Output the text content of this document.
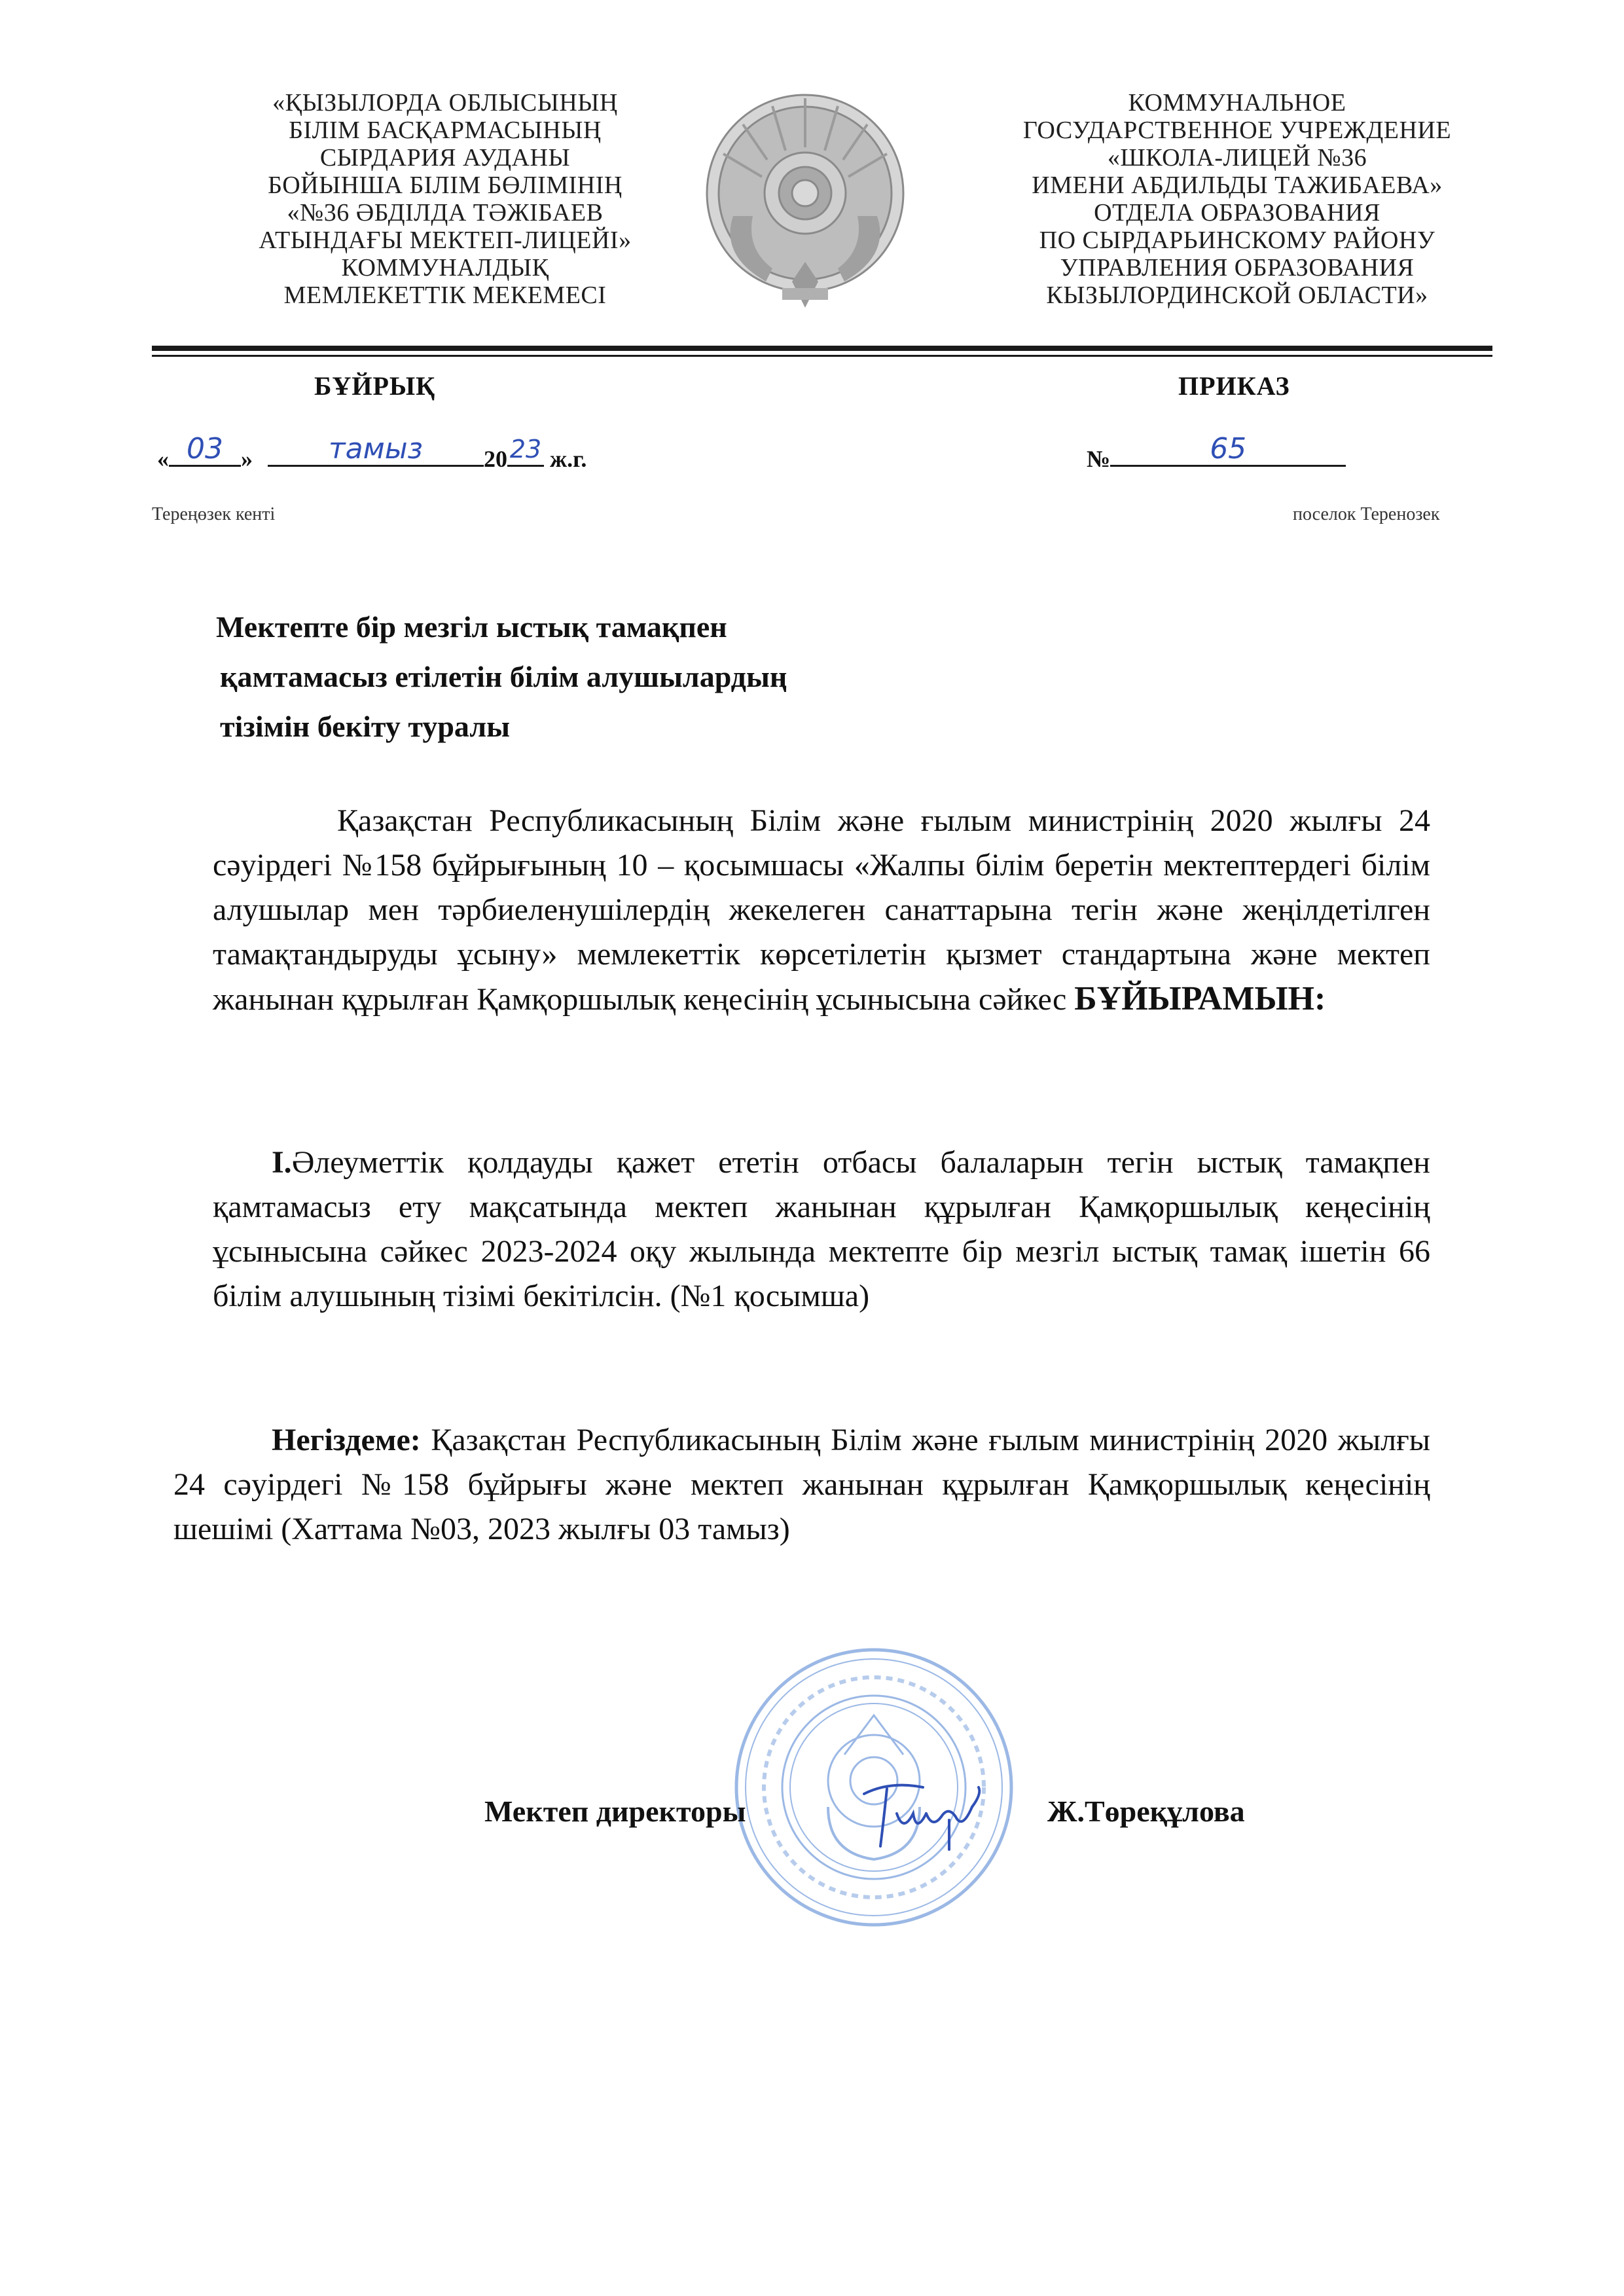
«ҚЫЗЫЛОРДА ОБЛЫСЫНЫҢ
БІЛІМ БАСҚАРМАСЫНЫҢ
СЫРДАРИЯ АУДАНЫ
БОЙЫНША БІЛІМ БӨЛІМІНІҢ
«№36 ӘБДІЛДА ТӘЖІБАЕВ
АТЫНДАҒЫ МЕКТЕП-ЛИЦЕЙІ»
КОММУНАЛДЫҚ
МЕМЛЕКЕТТІК МЕКЕМЕСІ
КОММУНАЛЬНОЕ
ГОСУДАРСТВЕННОЕ УЧРЕЖДЕНИЕ
«ШКОЛА-ЛИЦЕЙ №36
ИМЕНИ АБДИЛЬДЫ ТАЖИБАЕВА»
ОТДЕЛА ОБРАЗОВАНИЯ
ПО СЫРДАРЬИНСКОМУ РАЙОНУ
УПРАВЛЕНИЯ ОБРАЗОВАНИЯ
КЫЗЫЛОРДИНСКОЙ ОБЛАСТИ»
БҰЙРЫҚ	ПРИКАЗ
« 03 »	тамыз	20 23 ж.г.	№	65
Тереңөзек кенті	поселок Теренозек
Мектепте бір мезгіл ыстық тамақпен
қамтамасыз етілетін білім алушылардың
тізімін бекіту туралы
Қазақстан Республикасының Білім және ғылым министрінің 2020 жылғы 24 сәуірдегі №158 бұйрығының 10 – қосымшасы «Жалпы білім беретін мектептердегі білім алушылар мен тәрбиеленушілердің жекелеген санаттарына тегін және жеңілдетілген тамақтандыруды ұсыну» мемлекеттік көрсетілетін қызмет стандартына және мектеп жанынан құрылған Қамқоршылық кеңесінің ұсынысына сәйкес БҰЙЫРАМЫН:
I.Әлеуметтік қолдауды қажет ететін отбасы балаларын тегін ыстық тамақпен қамтамасыз ету мақсатында мектеп жанынан құрылған Қамқоршылық кеңесінің ұсынысына сәйкес 2023-2024 оқу жылында мектепте бір мезгіл ыстық тамақ ішетін 66 білім алушының тізімі бекітілсін. (№1 қосымша)
Негіздеме: Қазақстан Республикасының Білім және ғылым министрінің 2020 жылғы 24 сәуірдегі №158 бұйрығы және мектеп жанынан құрылған Қамқоршылық кеңесінің шешімі (Хаттама №03, 2023 жылғы 03 тамыз)
Мектеп директоры	Ж.Төреқұлова
